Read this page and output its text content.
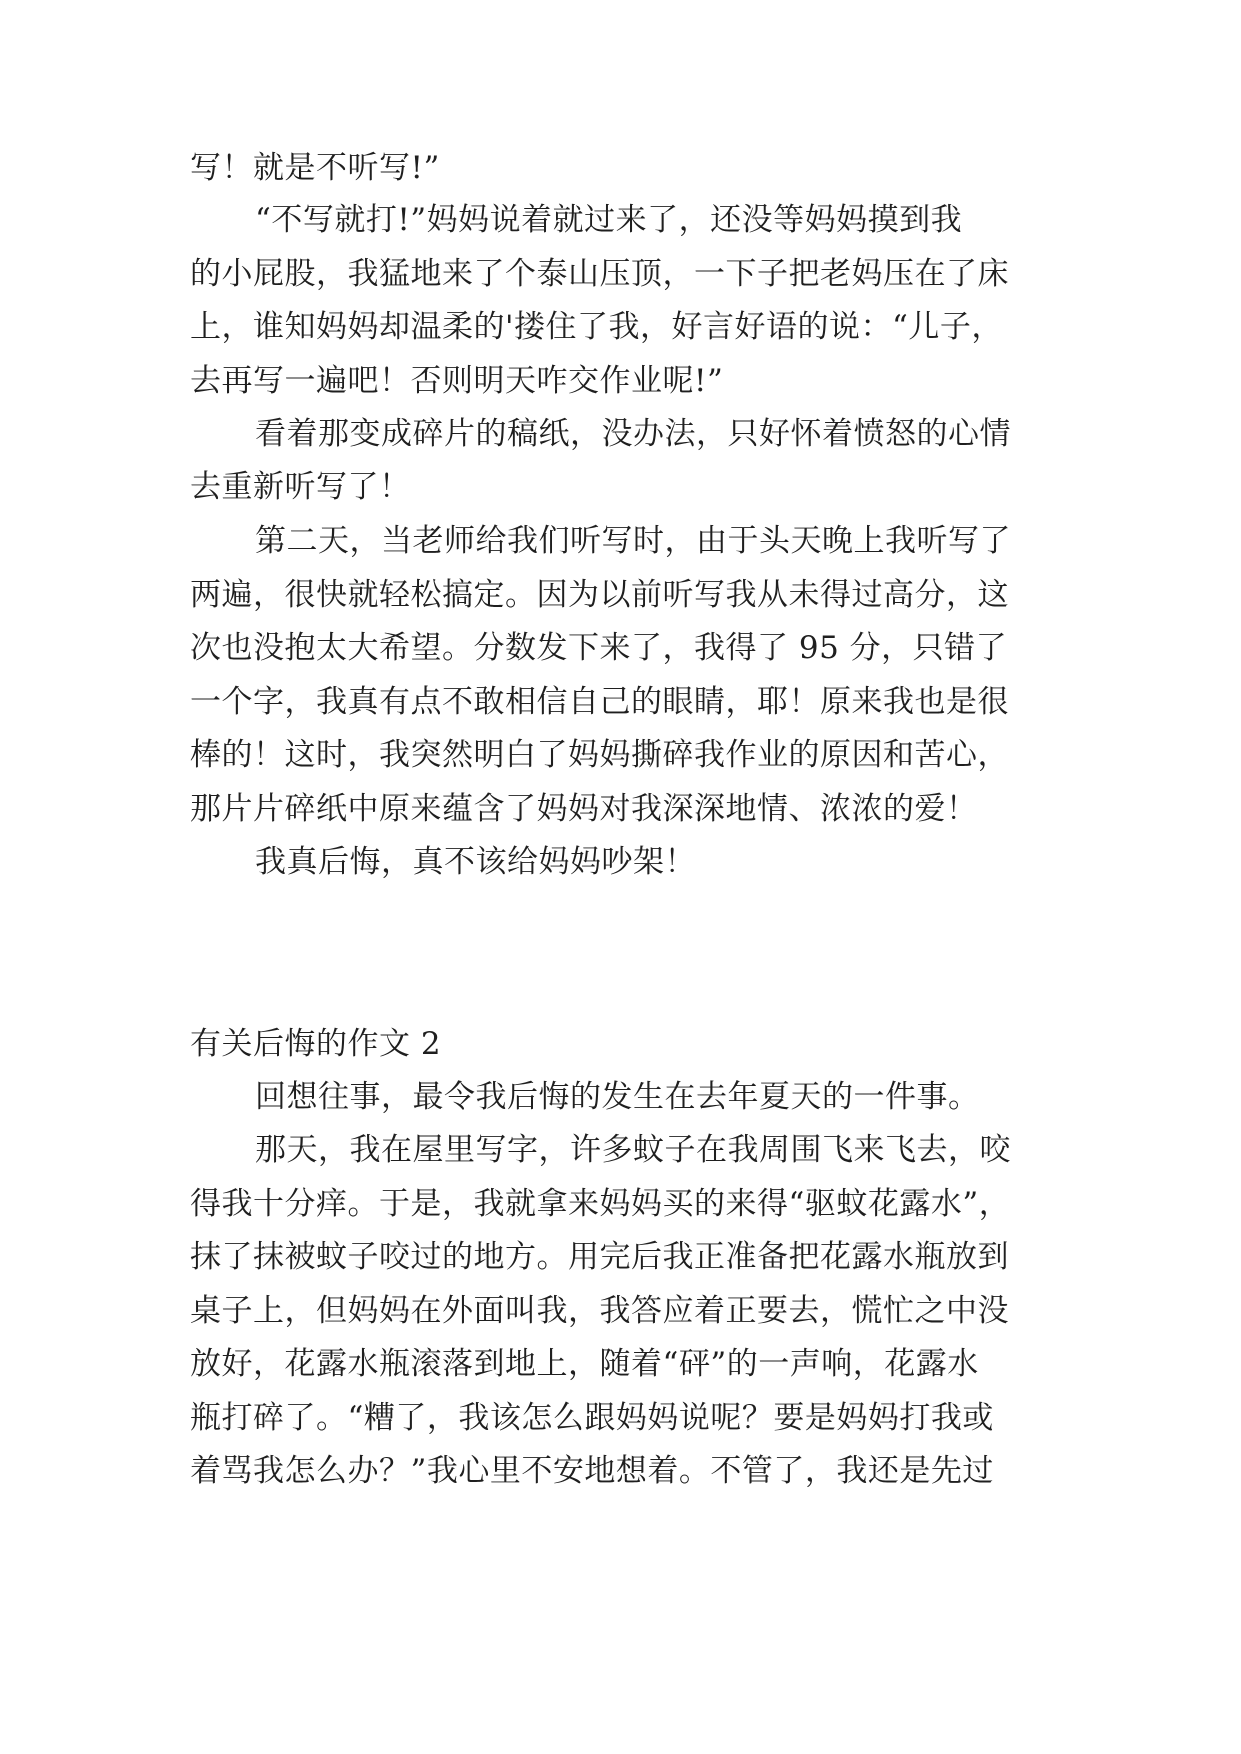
写！就是不听写!”
“不写就打!”妈妈说着就过来了，还没等妈妈摸到我
的小屁股，我猛地来了个泰山压顶，一下子把老妈压在了床
上，谁知妈妈却温柔的'搂住了我，好言好语的说：“儿子，
去再写一遍吧！否则明天咋交作业呢!”
看着那变成碎片的稿纸，没办法，只好怀着愤怒的心情
去重新听写了！
第二天，当老师给我们听写时，由于头天晚上我听写了
两遍，很快就轻松搞定。因为以前听写我从未得过高分，这
次也没抱太大希望。分数发下来了，我得了 95 分，只错了
一个字，我真有点不敢相信自己的眼睛，耶！原来我也是很
棒的！这时，我突然明白了妈妈撕碎我作业的原因和苦心，
那片片碎纸中原来蕴含了妈妈对我深深地情、浓浓的爱！
我真后悔，真不该给妈妈吵架！
有关后悔的作文 2
回想往事，最令我后悔的发生在去年夏天的一件事。
那天，我在屋里写字，许多蚊子在我周围飞来飞去，咬
得我十分痒。于是，我就拿来妈妈买的来得“驱蚊花露水”，
抹了抹被蚊子咬过的地方。用完后我正准备把花露水瓶放到
桌子上，但妈妈在外面叫我，我答应着正要去，慌忙之中没
放好，花露水瓶滚落到地上，随着“砰”的一声响，花露水
瓶打碎了。“糟了，我该怎么跟妈妈说呢？要是妈妈打我或
着骂我怎么办？”我心里不安地想着。不管了，我还是先过
